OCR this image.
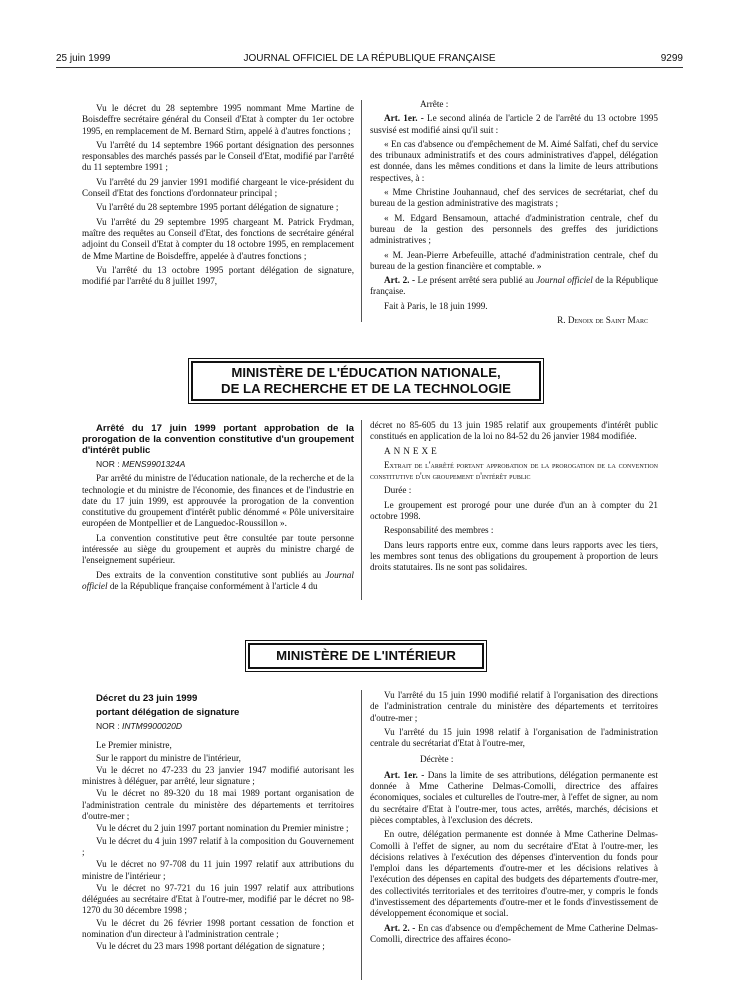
25 juin 1999	JOURNAL OFFICIEL DE LA RÉPUBLIQUE FRANÇAISE	9299

Vu le décret du 28 septembre 1995 nommant Mme Martine de Boisdeffre secrétaire général du Conseil d'Etat à compter du 1er octobre 1995, en remplacement de M. Bernard Stirn, appelé à d'autres fonctions ;

Vu l'arrêté du 14 septembre 1966 portant désignation des personnes responsables des marchés passés par le Conseil d'Etat, modifié par l'arrêté du 11 septembre 1991 ;

Vu l'arrêté du 29 janvier 1991 modifié chargeant le vice-président du Conseil d'Etat des fonctions d'ordonnateur principal ;

Vu l'arrêté du 28 septembre 1995 portant délégation de signature ;

Vu l'arrêté du 29 septembre 1995 chargeant M. Patrick Frydman, maître des requêtes au Conseil d'Etat, des fonctions de secrétaire général adjoint du Conseil d'Etat à compter du 18 octobre 1995, en remplacement de Mme Martine de Boisdeffre, appelée à d'autres fonctions ;

Vu l'arrêté du 13 octobre 1995 portant délégation de signature, modifié par l'arrêté du 8 juillet 1997,

Arrête :

Art. 1er. - Le second alinéa de l'article 2 de l'arrêté du 13 octobre 1995 susvisé est modifié ainsi qu'il suit :

« En cas d'absence ou d'empêchement de M. Aimé Salfati, chef du service des tribunaux administratifs et des cours administratives d'appel, délégation est donnée, dans les mêmes conditions et dans la limite de leurs attributions respectives, à :

« Mme Christine Jouhannaud, chef des services de secrétariat, chef du bureau de la gestion administrative des magistrats ;

« M. Edgard Bensamoun, attaché d'administration centrale, chef du bureau de la gestion des personnels des greffes des juridictions administratives ;

« M. Jean-Pierre Arbefeuille, attaché d'administration centrale, chef du bureau de la gestion financière et comptable. »

Art. 2. - Le présent arrêté sera publié au Journal officiel de la République française.

Fait à Paris, le 18 juin 1999.

R. Denoix de Saint Marc

MINISTÈRE DE L'ÉDUCATION NATIONALE,
DE LA RECHERCHE ET DE LA TECHNOLOGIE

Arrêté du 17 juin 1999 portant approbation de la prorogation de la convention constitutive d'un groupement d'intérêt public

NOR : MENS9901324A

Par arrêté du ministre de l'éducation nationale, de la recherche et de la technologie et du ministre de l'économie, des finances et de l'industrie en date du 17 juin 1999, est approuvée la prorogation de la convention constitutive du groupement d'intérêt public dénommé « Pôle universitaire européen de Montpellier et de Languedoc-Roussillon ».

La convention constitutive peut être consultée par toute personne intéressée au siège du groupement et auprès du ministre chargé de l'enseignement supérieur.

Des extraits de la convention constitutive sont publiés au Journal officiel de la République française conformément à l'article 4 du

décret no 85-605 du 13 juin 1985 relatif aux groupements d'intérêt public constitués en application de la loi no 84-52 du 26 janvier 1984 modifiée.

ANNEXE

Extrait de l'arrêté portant approbation de la prorogation de la convention constitutive d'un groupement d'intérêt public

Durée :

Le groupement est prorogé pour une durée d'un an à compter du 21 octobre 1998.

Responsabilité des membres :

Dans leurs rapports entre eux, comme dans leurs rapports avec les tiers, les membres sont tenus des obligations du groupement à proportion de leurs droits statutaires. Ils ne sont pas solidaires.

MINISTÈRE DE L'INTÉRIEUR

Décret du 23 juin 1999

portant délégation de signature

NOR : INTM9900020D

Le Premier ministre,

Sur le rapport du ministre de l'intérieur,

Vu le décret no 47-233 du 23 janvier 1947 modifié autorisant les ministres à déléguer, par arrêté, leur signature ;

Vu le décret no 89-320 du 18 mai 1989 portant organisation de l'administration centrale du ministère des départements et territoires d'outre-mer ;

Vu le décret du 2 juin 1997 portant nomination du Premier ministre ;

Vu le décret du 4 juin 1997 relatif à la composition du Gouvernement ;

Vu le décret no 97-708 du 11 juin 1997 relatif aux attributions du ministre de l'intérieur ;

Vu le décret no 97-721 du 16 juin 1997 relatif aux attributions déléguées au secrétaire d'Etat à l'outre-mer, modifié par le décret no 98-1270 du 30 décembre 1998 ;

Vu le décret du 26 février 1998 portant cessation de fonction et nomination d'un directeur à l'administration centrale ;

Vu le décret du 23 mars 1998 portant délégation de signature ;

Vu l'arrêté du 15 juin 1990 modifié relatif à l'organisation des directions de l'administration centrale du ministère des départements et territoires d'outre-mer ;

Vu l'arrêté du 15 juin 1998 relatif à l'organisation de l'administration centrale du secrétariat d'Etat à l'outre-mer,

Décrète :

Art. 1er. - Dans la limite de ses attributions, délégation permanente est donnée à Mme Catherine Delmas-Comolli, directrice des affaires économiques, sociales et culturelles de l'outre-mer, à l'effet de signer, au nom du secrétaire d'Etat à l'outre-mer, tous actes, arrêtés, marchés, décisions et pièces comptables, à l'exclusion des décrets.

En outre, délégation permanente est donnée à Mme Catherine Delmas-Comolli à l'effet de signer, au nom du secrétaire d'Etat à l'outre-mer, les décisions relatives à l'exécution des dépenses d'intervention du fonds pour l'emploi dans les départements d'outre-mer et les décisions relatives à l'exécution des dépenses en capital des budgets des départements d'outre-mer, des collectivités territoriales et des territoires d'outre-mer, y compris le fonds d'investissement des départements d'outre-mer et le fonds d'investissement de développement économique et social.

Art. 2. - En cas d'absence ou d'empêchement de Mme Catherine Delmas-Comolli, directrice des affaires écono-
